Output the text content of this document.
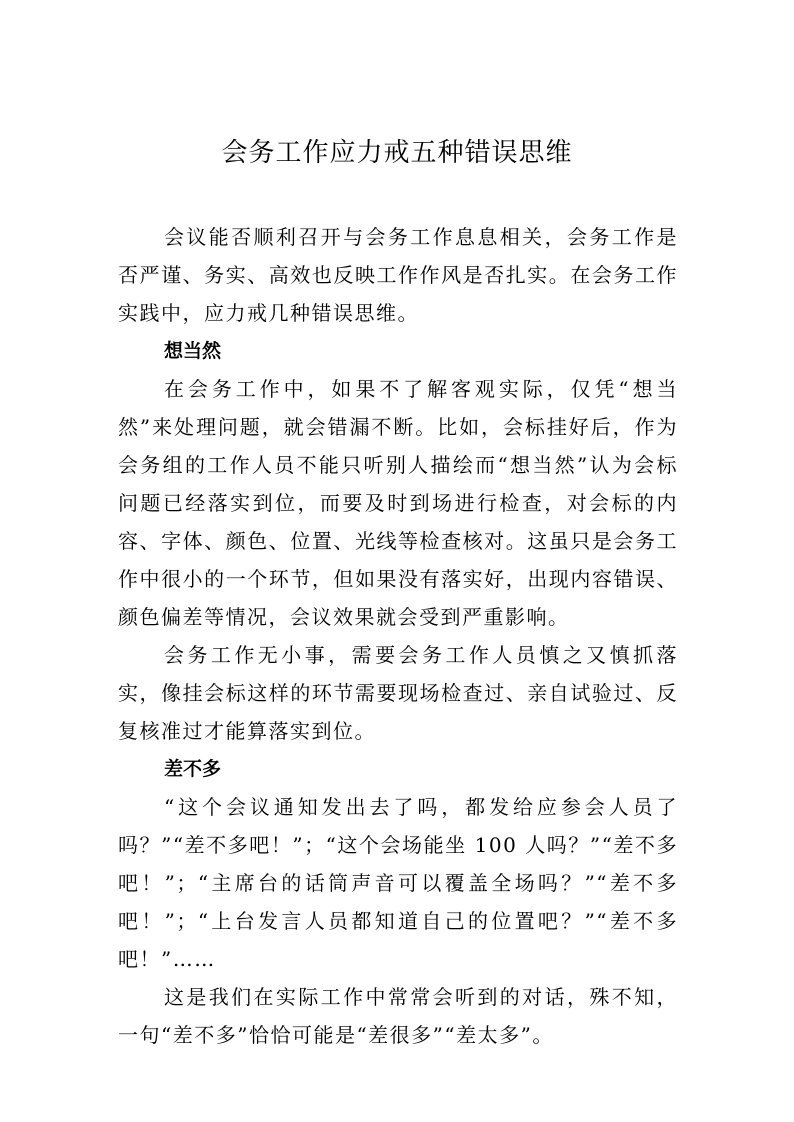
会务工作应力戒五种错误思维

会议能否顺利召开与会务工作息息相关，会务工作是否严谨、务实、高效也反映工作作风是否扎实。在会务工作实践中，应力戒几种错误思维。

想当然

在会务工作中，如果不了解客观实际，仅凭“想当然”来处理问题，就会错漏不断。比如，会标挂好后，作为会务组的工作人员不能只听别人描绘而“想当然”认为会标问题已经落实到位，而要及时到场进行检查，对会标的内容、字体、颜色、位置、光线等检查核对。这虽只是会务工作中很小的一个环节，但如果没有落实好，出现内容错误、颜色偏差等情况，会议效果就会受到严重影响。

会务工作无小事，需要会务工作人员慎之又慎抓落实，像挂会标这样的环节需要现场检查过、亲自试验过、反复核准过才能算落实到位。

差不多

“这个会议通知发出去了吗，都发给应参会人员了吗？”“差不多吧！”；“这个会场能坐 100 人吗？”“差不多吧！”；“主席台的话筒声音可以覆盖全场吗？”“差不多吧！”；“上台发言人员都知道自己的位置吧？”“差不多吧！”……

这是我们在实际工作中常常会听到的对话，殊不知，一句“差不多”恰恰可能是“差很多”“差太多”。
